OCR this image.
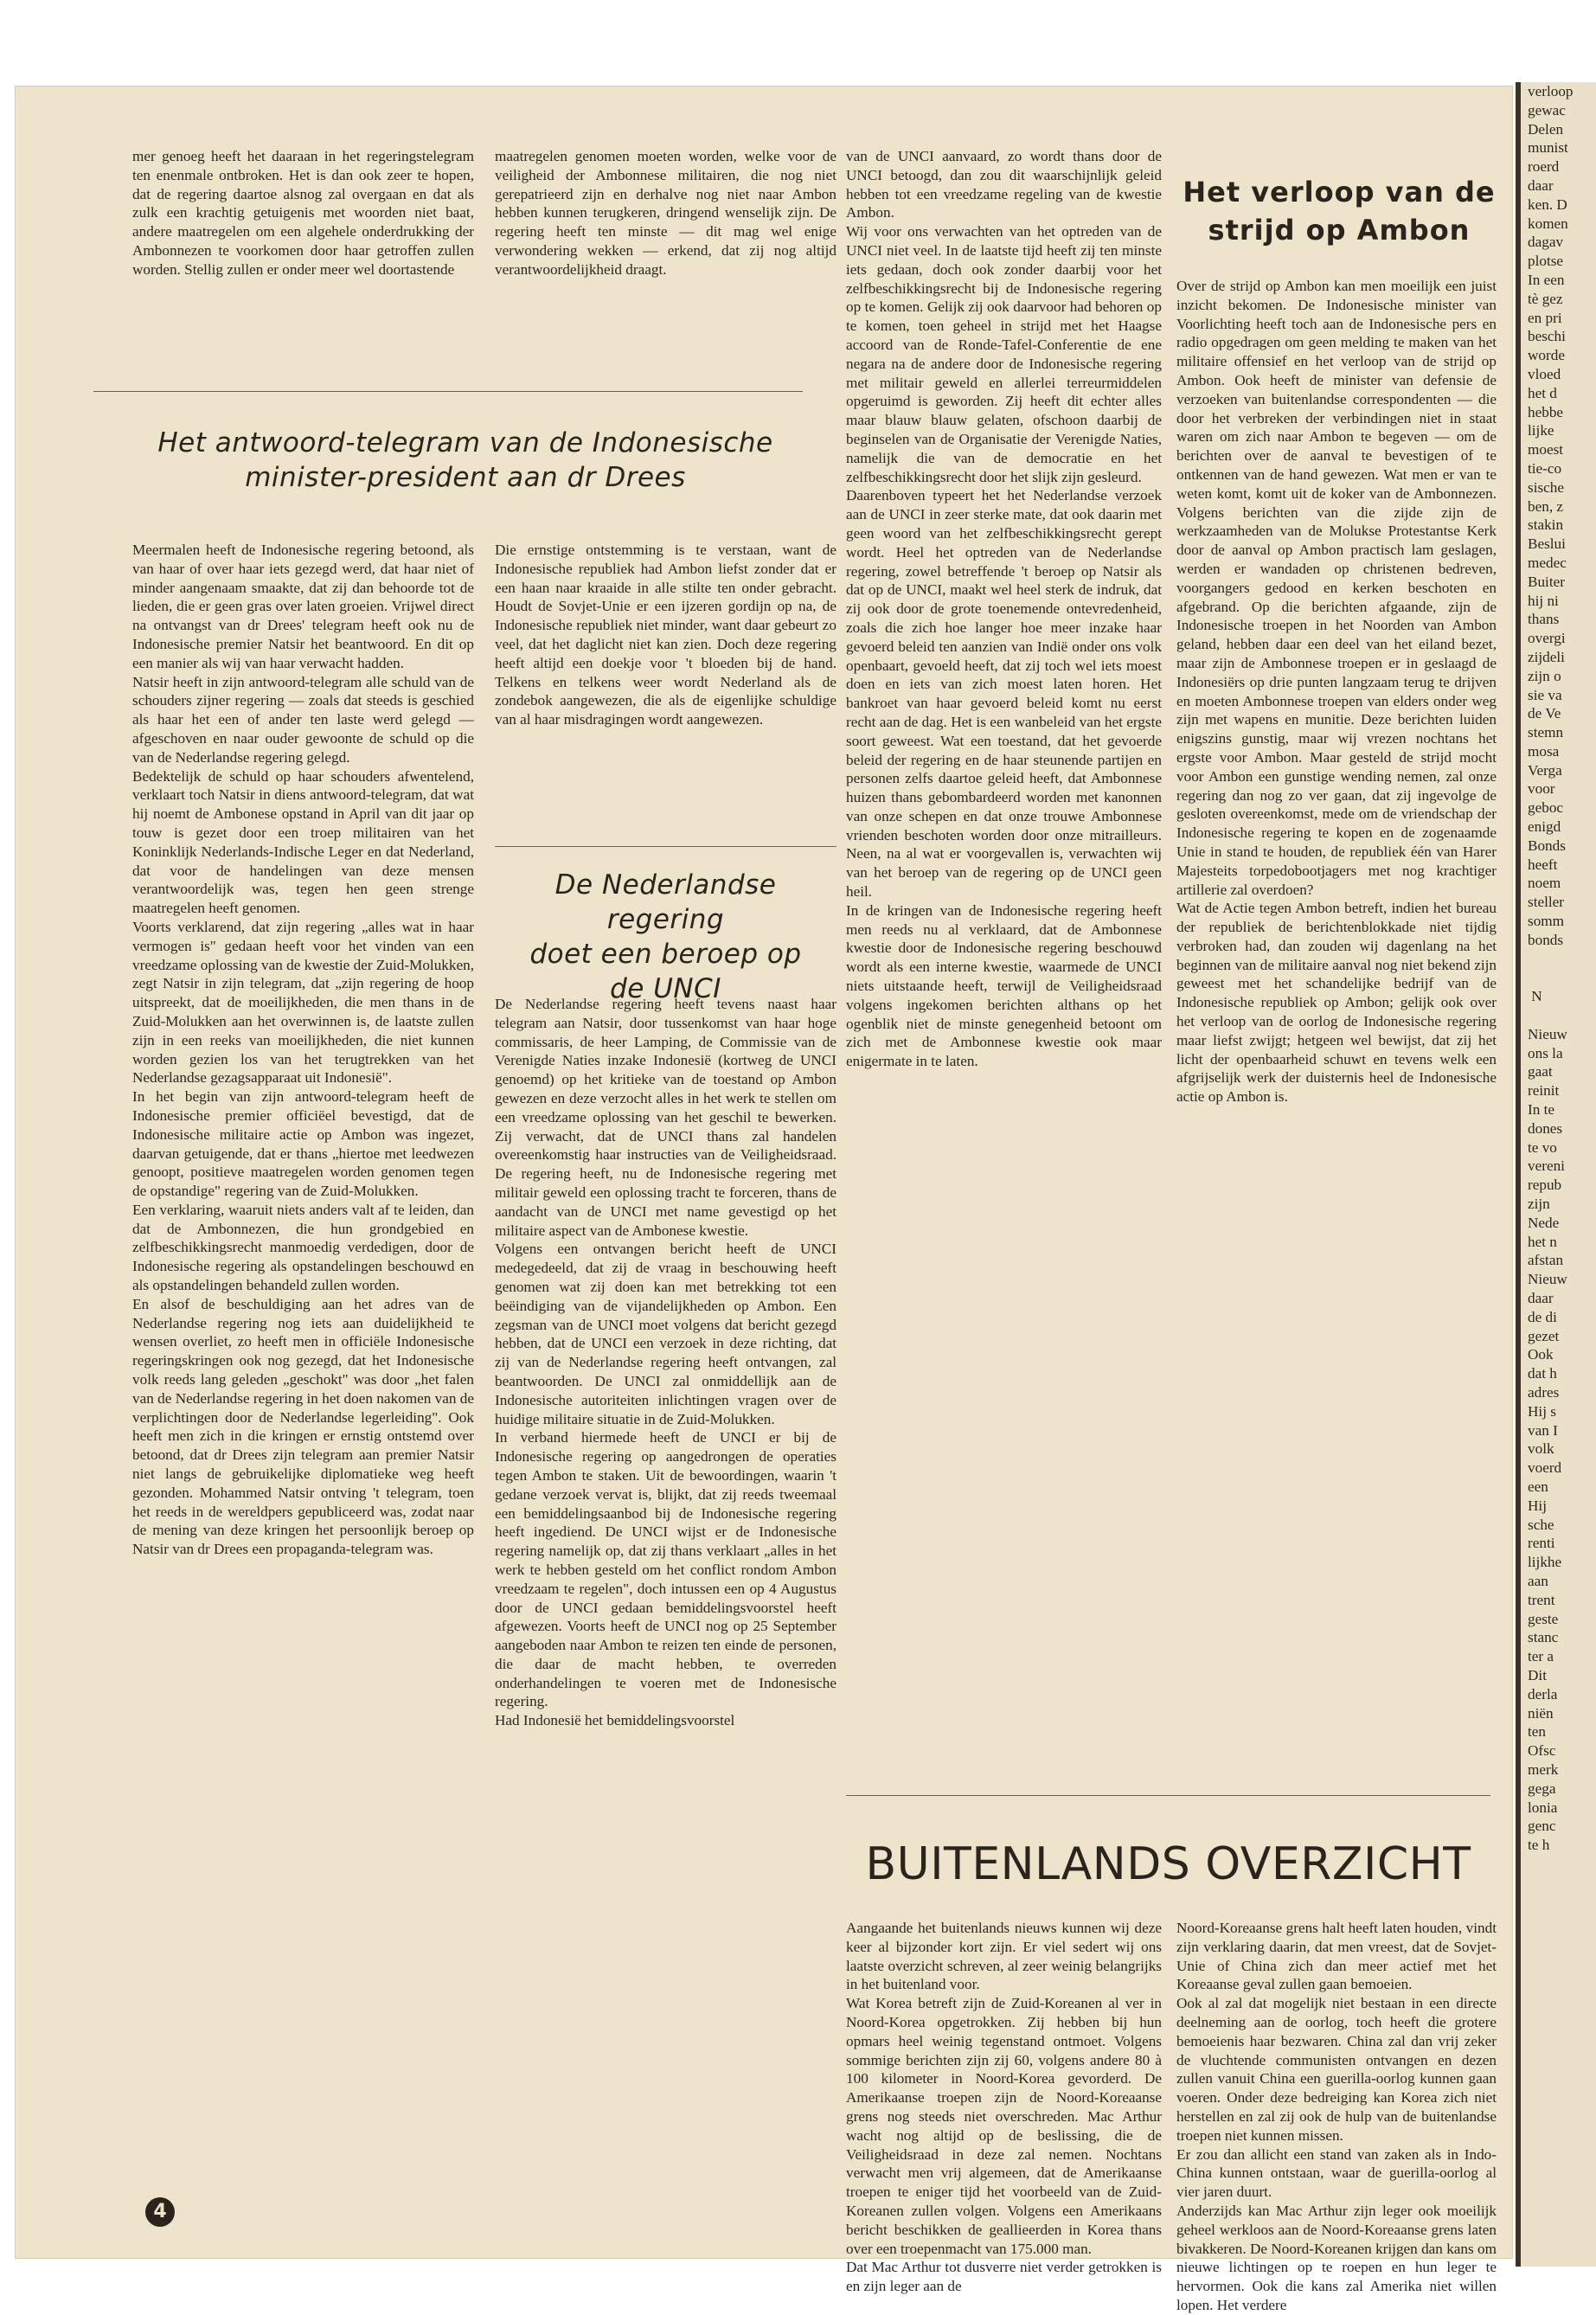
mer genoeg heeft het daaraan in het regeringstelegram ten enenmale ontbroken. Het is dan ook zeer te hopen, dat de regering daartoe alsnog zal overgaan en dat als zulk een krachtig getuigenis met woorden niet baat, andere maatregelen om een algehele onderdrukking der Ambonnezen te voorkomen door haar getroffen zullen worden. Stellig zullen er onder meer wel doortastende

maatregelen genomen moeten worden, welke voor de veiligheid der Ambonnese militairen, die nog niet gerepatrieerd zijn en derhalve nog niet naar Ambon hebben kunnen terugkeren, dringend wenselijk zijn. De regering heeft ten minste — dit mag wel enige verwondering wekken — erkend, dat zij nog altijd verantwoordelijkheid draagt.

Het antwoord-telegram van de Indonesische
minister-president aan dr Drees

Meermalen heeft de Indonesische regering betoond, als van haar of over haar iets gezegd werd, dat haar niet of minder aangenaam smaakte, dat zij dan behoorde tot de lieden, die er geen gras over laten groeien. Vrijwel direct na ontvangst van dr Drees' telegram heeft ook nu de Indonesische premier Natsir het beantwoord. En dit op een manier als wij van haar verwacht hadden.

Natsir heeft in zijn antwoord-telegram alle schuld van de schouders zijner regering — zoals dat steeds is geschied als haar het een of ander ten laste werd gelegd — afgeschoven en naar ouder gewoonte de schuld op die van de Nederlandse regering gelegd.

Bedektelijk de schuld op haar schouders afwentelend, verklaart toch Natsir in diens antwoord-telegram, dat wat hij noemt de Ambonese opstand in April van dit jaar op touw is gezet door een troep militairen van het Koninklijk Nederlands-Indische Leger en dat Nederland, dat voor de handelingen van deze mensen verantwoordelijk was, tegen hen geen strenge maatregelen heeft genomen.

Voorts verklarend, dat zijn regering „alles wat in haar vermogen is" gedaan heeft voor het vinden van een vreedzame oplossing van de kwestie der Zuid-Molukken, zegt Natsir in zijn telegram, dat „zijn regering de hoop uitspreekt, dat de moeilijkheden, die men thans in de Zuid-Molukken aan het overwinnen is, de laatste zullen zijn in een reeks van moeilijkheden, die niet kunnen worden gezien los van het terugtrekken van het Nederlandse gezagsapparaat uit Indonesië".

In het begin van zijn antwoord-telegram heeft de Indonesische premier officiëel bevestigd, dat de Indonesische militaire actie op Ambon was ingezet, daarvan getuigende, dat er thans „hiertoe met leedwezen genoopt, positieve maatregelen worden genomen tegen de opstandige" regering van de Zuid-Molukken.

Een verklaring, waaruit niets anders valt af te leiden, dan dat de Ambonnezen, die hun grondgebied en zelfbeschikkingsrecht manmoedig verdedigen, door de Indonesische regering als opstandelingen beschouwd en als opstandelingen behandeld zullen worden.

En alsof de beschuldiging aan het adres van de Nederlandse regering nog iets aan duidelijkheid te wensen overliet, zo heeft men in officiële Indonesische regeringskringen ook nog gezegd, dat het Indonesische volk reeds lang geleden „geschokt" was door „het falen van de Nederlandse regering in het doen nakomen van de verplichtingen door de Nederlandse legerleiding". Ook heeft men zich in die kringen er ernstig ontstemd over betoond, dat dr Drees zijn telegram aan premier Natsir niet langs de gebruikelijke diplomatieke weg heeft gezonden. Mohammed Natsir ontving 't telegram, toen het reeds in de wereldpers gepubliceerd was, zodat naar de mening van deze kringen het persoonlijk beroep op Natsir van dr Drees een propaganda-telegram was.

Die ernstige ontstemming is te verstaan, want de Indonesische republiek had Ambon liefst zonder dat er een haan naar kraaide in alle stilte ten onder gebracht. Houdt de Sovjet-Unie er een ijzeren gordijn op na, de Indonesische republiek niet minder, want daar gebeurt zo veel, dat het daglicht niet kan zien. Doch deze regering heeft altijd een doekje voor 't bloeden bij de hand. Telkens en telkens weer wordt Nederland als de zondebok aangewezen, die als de eigenlijke schuldige van al haar misdragingen wordt aangewezen.

De Nederlandse regering
doet een beroep op
de UNCI

De Nederlandse regering heeft tevens naast haar telegram aan Natsir, door tussenkomst van haar hoge commissaris, de heer Lamping, de Commissie van de Verenigde Naties inzake Indonesië (kortweg de UNCI genoemd) op het kritieke van de toestand op Ambon gewezen en deze verzocht alles in het werk te stellen om een vreedzame oplossing van het geschil te bewerken. Zij verwacht, dat de UNCI thans zal handelen overeenkomstig haar instructies van de Veiligheidsraad. De regering heeft, nu de Indonesische regering met militair geweld een oplossing tracht te forceren, thans de aandacht van de UNCI met name gevestigd op het militaire aspect van de Ambonese kwestie.

Volgens een ontvangen bericht heeft de UNCI medegedeeld, dat zij de vraag in beschouwing heeft genomen wat zij doen kan met betrekking tot een beëindiging van de vijandelijkheden op Ambon. Een zegsman van de UNCI moet volgens dat bericht gezegd hebben, dat de UNCI een verzoek in deze richting, dat zij van de Nederlandse regering heeft ontvangen, zal beantwoorden. De UNCI zal onmiddellijk aan de Indonesische autoriteiten inlichtingen vragen over de huidige militaire situatie in de Zuid-Molukken.

In verband hiermede heeft de UNCI er bij de Indonesische regering op aangedrongen de operaties tegen Ambon te staken. Uit de bewoordingen, waarin 't gedane verzoek vervat is, blijkt, dat zij reeds tweemaal een bemiddelingsaanbod bij de Indonesische regering heeft ingediend. De UNCI wijst er de Indonesische regering namelijk op, dat zij thans verklaart „alles in het werk te hebben gesteld om het conflict rondom Ambon vreedzaam te regelen", doch intussen een op 4 Augustus door de UNCI gedaan bemiddelingsvoorstel heeft afgewezen. Voorts heeft de UNCI nog op 25 September aangeboden naar Ambon te reizen ten einde de personen, die daar de macht hebben, te overreden onderhandelingen te voeren met de Indonesische regering.

Had Indonesië het bemiddelingsvoorstel

van de UNCI aanvaard, zo wordt thans door de UNCI betoogd, dan zou dit waarschijnlijk geleid hebben tot een vreedzame regeling van de kwestie Ambon.

Wij voor ons verwachten van het optreden van de UNCI niet veel. In de laatste tijd heeft zij ten minste iets gedaan, doch ook zonder daarbij voor het zelfbeschikkingsrecht bij de Indonesische regering op te komen. Gelijk zij ook daarvoor had behoren op te komen, toen geheel in strijd met het Haagse accoord van de Ronde-Tafel-Conferentie de ene negara na de andere door de Indonesische regering met militair geweld en allerlei terreurmiddelen opgeruimd is geworden. Zij heeft dit echter alles maar blauw blauw gelaten, ofschoon daarbij de beginselen van de Organisatie der Verenigde Naties, namelijk die van de democratie en het zelfbeschikkingsrecht door het slijk zijn gesleurd.

Daarenboven typeert het het Nederlandse verzoek aan de UNCI in zeer sterke mate, dat ook daarin met geen woord van het zelfbeschikkingsrecht gerept wordt. Heel het optreden van de Nederlandse regering, zowel betreffende 't beroep op Natsir als dat op de UNCI, maakt wel heel sterk de indruk, dat zij ook door de grote toenemende ontevredenheid, zoals die zich hoe langer hoe meer inzake haar gevoerd beleid ten aanzien van Indië onder ons volk openbaart, gevoeld heeft, dat zij toch wel iets moest doen en iets van zich moest laten horen. Het bankroet van haar gevoerd beleid komt nu eerst recht aan de dag. Het is een wanbeleid van het ergste soort geweest. Wat een toestand, dat het gevoerde beleid der regering en de haar steunende partijen en personen zelfs daartoe geleid heeft, dat Ambonnese huizen thans gebombardeerd worden met kanonnen van onze schepen en dat onze trouwe Ambonnese vrienden beschoten worden door onze mitrailleurs. Neen, na al wat er voorgevallen is, verwachten wij van het beroep van de regering op de UNCI geen heil.

In de kringen van de Indonesische regering heeft men reeds nu al verklaard, dat de Ambonnese kwestie door de Indonesische regering beschouwd wordt als een interne kwestie, waarmede de UNCI niets uitstaande heeft, terwijl de Veiligheidsraad volgens ingekomen berichten althans op het ogenblik niet de minste genegenheid betoont om zich met de Ambonnese kwestie ook maar enigermate in te laten.

Het verloop van de
strijd op Ambon

Over de strijd op Ambon kan men moeilijk een juist inzicht bekomen. De Indonesische minister van Voorlichting heeft toch aan de Indonesische pers en radio opgedragen om geen melding te maken van het militaire offensief en het verloop van de strijd op Ambon. Ook heeft de minister van defensie de verzoeken van buitenlandse correspondenten — die door het verbreken der verbindingen niet in staat waren om zich naar Ambon te begeven — om de berichten over de aanval te bevestigen of te ontkennen van de hand gewezen. Wat men er van te weten komt, komt uit de koker van de Ambonnezen. Volgens berichten van die zijde zijn de werkzaamheden van de Molukse Protestantse Kerk door de aanval op Ambon practisch lam geslagen, werden er wandaden op christenen bedreven, voorgangers gedood en kerken beschoten en afgebrand. Op die berichten afgaande, zijn de Indonesische troepen in het Noorden van Ambon geland, hebben daar een deel van het eiland bezet, maar zijn de Ambonnese troepen er in geslaagd de Indonesiërs op drie punten langzaam terug te drijven en moeten Ambonnese troepen van elders onder weg zijn met wapens en munitie. Deze berichten luiden enigszins gunstig, maar wij vrezen nochtans het ergste voor Ambon. Maar gesteld de strijd mocht voor Ambon een gunstige wending nemen, zal onze regering dan nog zo ver gaan, dat zij ingevolge de gesloten overeenkomst, mede om de vriendschap der Indonesische regering te kopen en de zogenaamde Unie in stand te houden, de republiek één van Harer Majesteits torpedobootjagers met nog krachtiger artillerie zal overdoen?

Wat de Actie tegen Ambon betreft, indien het bureau der republiek de berichtenblokkade niet tijdig verbroken had, dan zouden wij dagenlang na het beginnen van de militaire aanval nog niet bekend zijn geweest met het schandelijke bedrijf van de Indonesische republiek op Ambon; gelijk ook over het verloop van de oorlog de Indonesische regering maar liefst zwijgt; hetgeen wel bewijst, dat zij het licht der openbaarheid schuwt en tevens welk een afgrijselijk werk der duisternis heel de Indonesische actie op Ambon is.

BUITENLANDS OVERZICHT

Aangaande het buitenlands nieuws kunnen wij deze keer al bijzonder kort zijn. Er viel sedert wij ons laatste overzicht schreven, al zeer weinig belangrijks in het buitenland voor.

Wat Korea betreft zijn de Zuid-Koreanen al ver in Noord-Korea opgetrokken. Zij hebben bij hun opmars heel weinig tegenstand ontmoet. Volgens sommige berichten zijn zij 60, volgens andere 80 à 100 kilometer in Noord-Korea gevorderd. De Amerikaanse troepen zijn de Noord-Koreaanse grens nog steeds niet overschreden. Mac Arthur wacht nog altijd op de beslissing, die de Veiligheidsraad in deze zal nemen. Nochtans verwacht men vrij algemeen, dat de Amerikaanse troepen te eniger tijd het voorbeeld van de Zuid-Koreanen zullen volgen. Volgens een Amerikaans bericht beschikken de geallieerden in Korea thans over een troepenmacht van 175.000 man.

Dat Mac Arthur tot dusverre niet verder getrokken is en zijn leger aan de

Noord-Koreaanse grens halt heeft laten houden, vindt zijn verklaring daarin, dat men vreest, dat de Sovjet-Unie of China zich dan meer actief met het Koreaanse geval zullen gaan bemoeien.

Ook al zal dat mogelijk niet bestaan in een directe deelneming aan de oorlog, toch heeft die grotere bemoeienis haar bezwaren. China zal dan vrij zeker de vluchtende communisten ontvangen en dezen zullen vanuit China een guerilla-oorlog kunnen gaan voeren. Onder deze bedreiging kan Korea zich niet herstellen en zal zij ook de hulp van de buitenlandse troepen niet kunnen missen.

Er zou dan allicht een stand van zaken als in Indo-China kunnen ontstaan, waar de guerilla-oorlog al vier jaren duurt.

Anderzijds kan Mac Arthur zijn leger ook moeilijk geheel werkloos aan de Noord-Koreaanse grens laten bivakkeren. De Noord-Koreanen krijgen dan kans om nieuwe lichtingen op te roepen en hun leger te hervormen. Ook die kans zal Amerika niet willen lopen. Het verdere

4
verloop
gewac
Delen
munist
roerd
daar
ken. D
komen
dagav
plotse
In een
tè gez
en pri
beschi
worde
vloed
het d
hebbe
lijke
moest
tie-co
sische
ben, z
stakin
Beslui
medec
Buiter
hij ni
thans
overgi
zijdeli
zijn o
sie va
de Ve
stemn
mosa
Verga
voor
geboc
enigd
Bonds
heeft
noem
steller
somm
bonds

N

Nieuw
ons la
gaat
reinit
In te
dones
te vo
vereni
repub
zijn
Nede
het n
afstan
Nieuw
daar
de di
gezet
Ook
dat h
adres
Hij s
van I
volk
voerd
een
Hij
sche
renti
lijkhe
aan
trent
geste
stanc
ter a
Dit
derla
niën
ten
Ofsc
merk
gega
lonia
genc
te h
